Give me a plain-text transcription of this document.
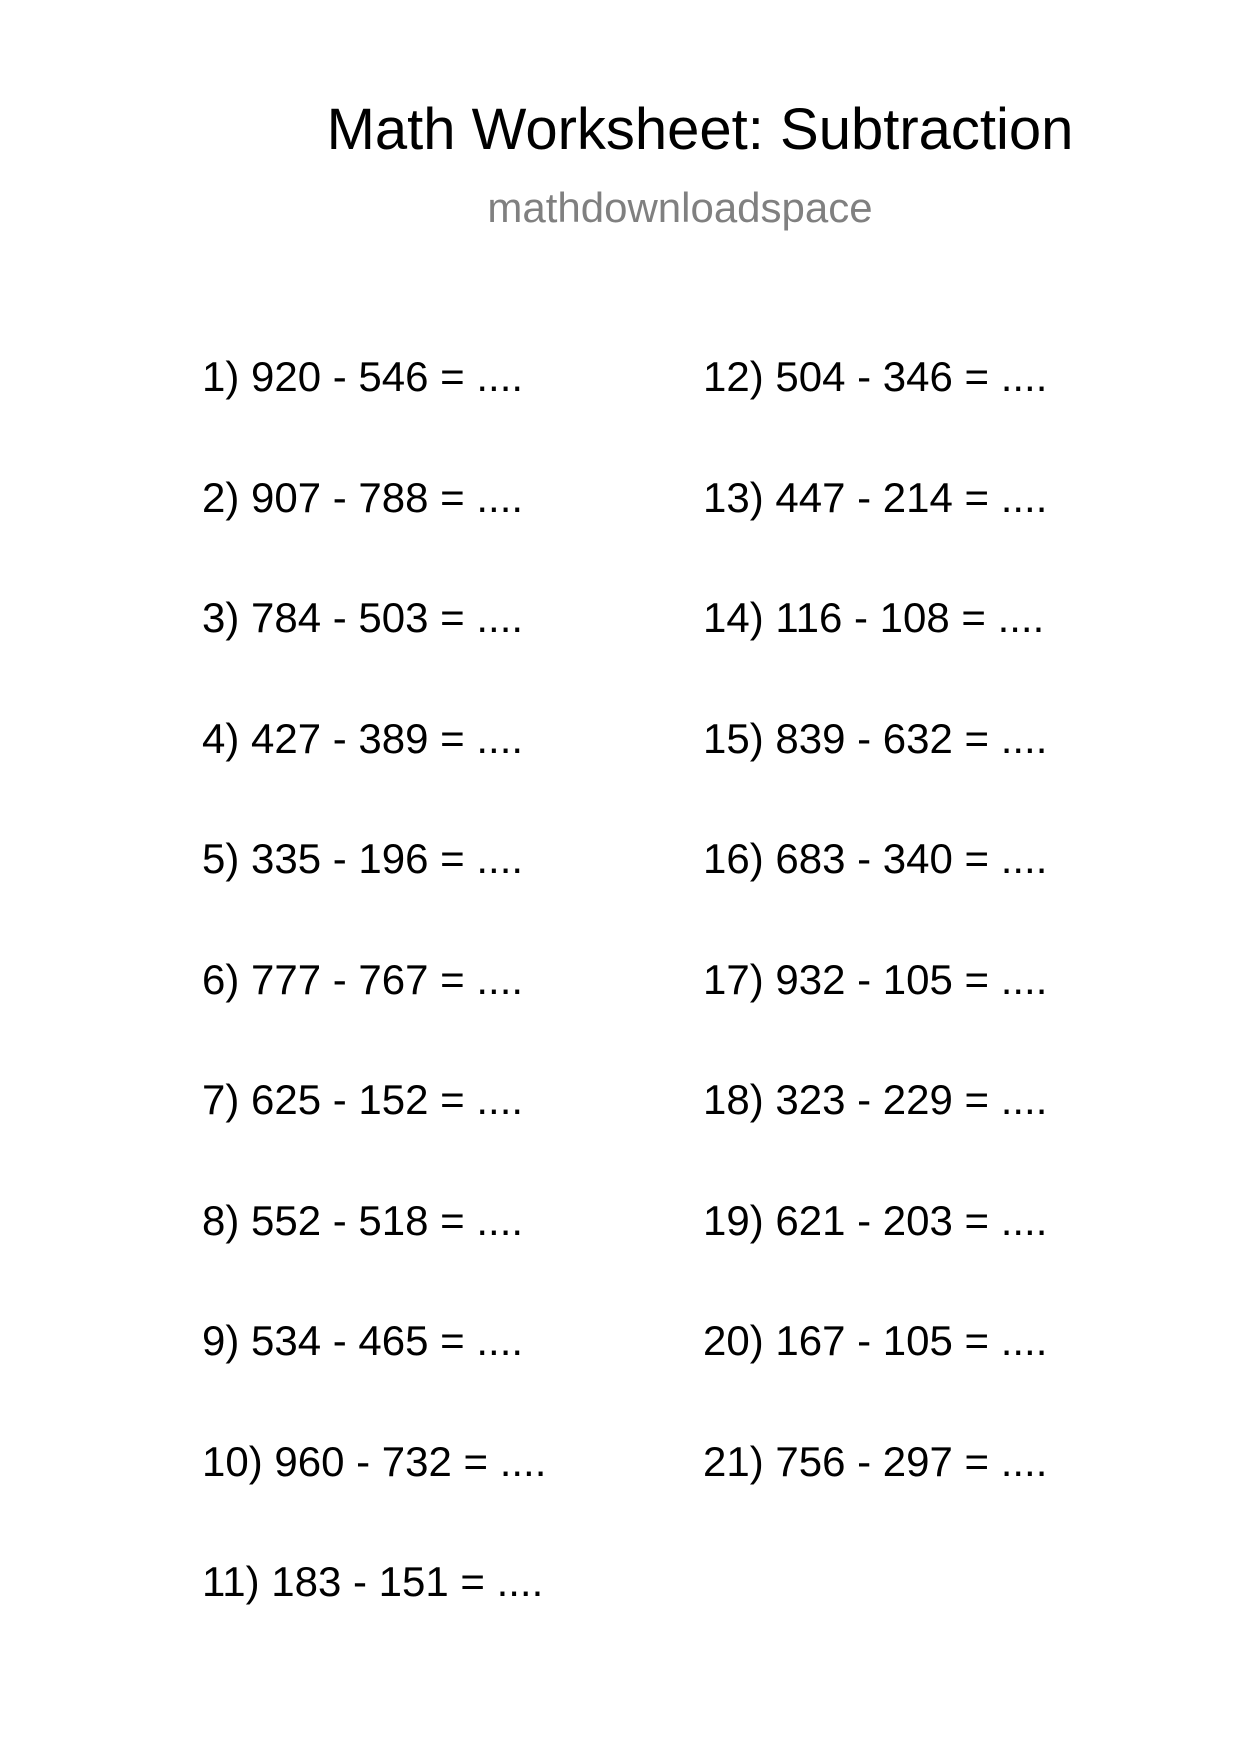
Math Worksheet: Subtraction
mathdownloadspace
1) 920 - 546 = ....
2) 907 - 788 = ....
3) 784 - 503 = ....
4) 427 - 389 = ....
5) 335 - 196 = ....
6) 777 - 767 = ....
7) 625 - 152 = ....
8) 552 - 518 = ....
9) 534 - 465 = ....
10) 960 - 732 = ....
11) 183 - 151 = ....
12) 504 - 346 = ....
13) 447 - 214 = ....
14) 116 - 108 = ....
15) 839 - 632 = ....
16) 683 - 340 = ....
17) 932 - 105 = ....
18) 323 - 229 = ....
19) 621 - 203 = ....
20) 167 - 105 = ....
21) 756 - 297 = ....
